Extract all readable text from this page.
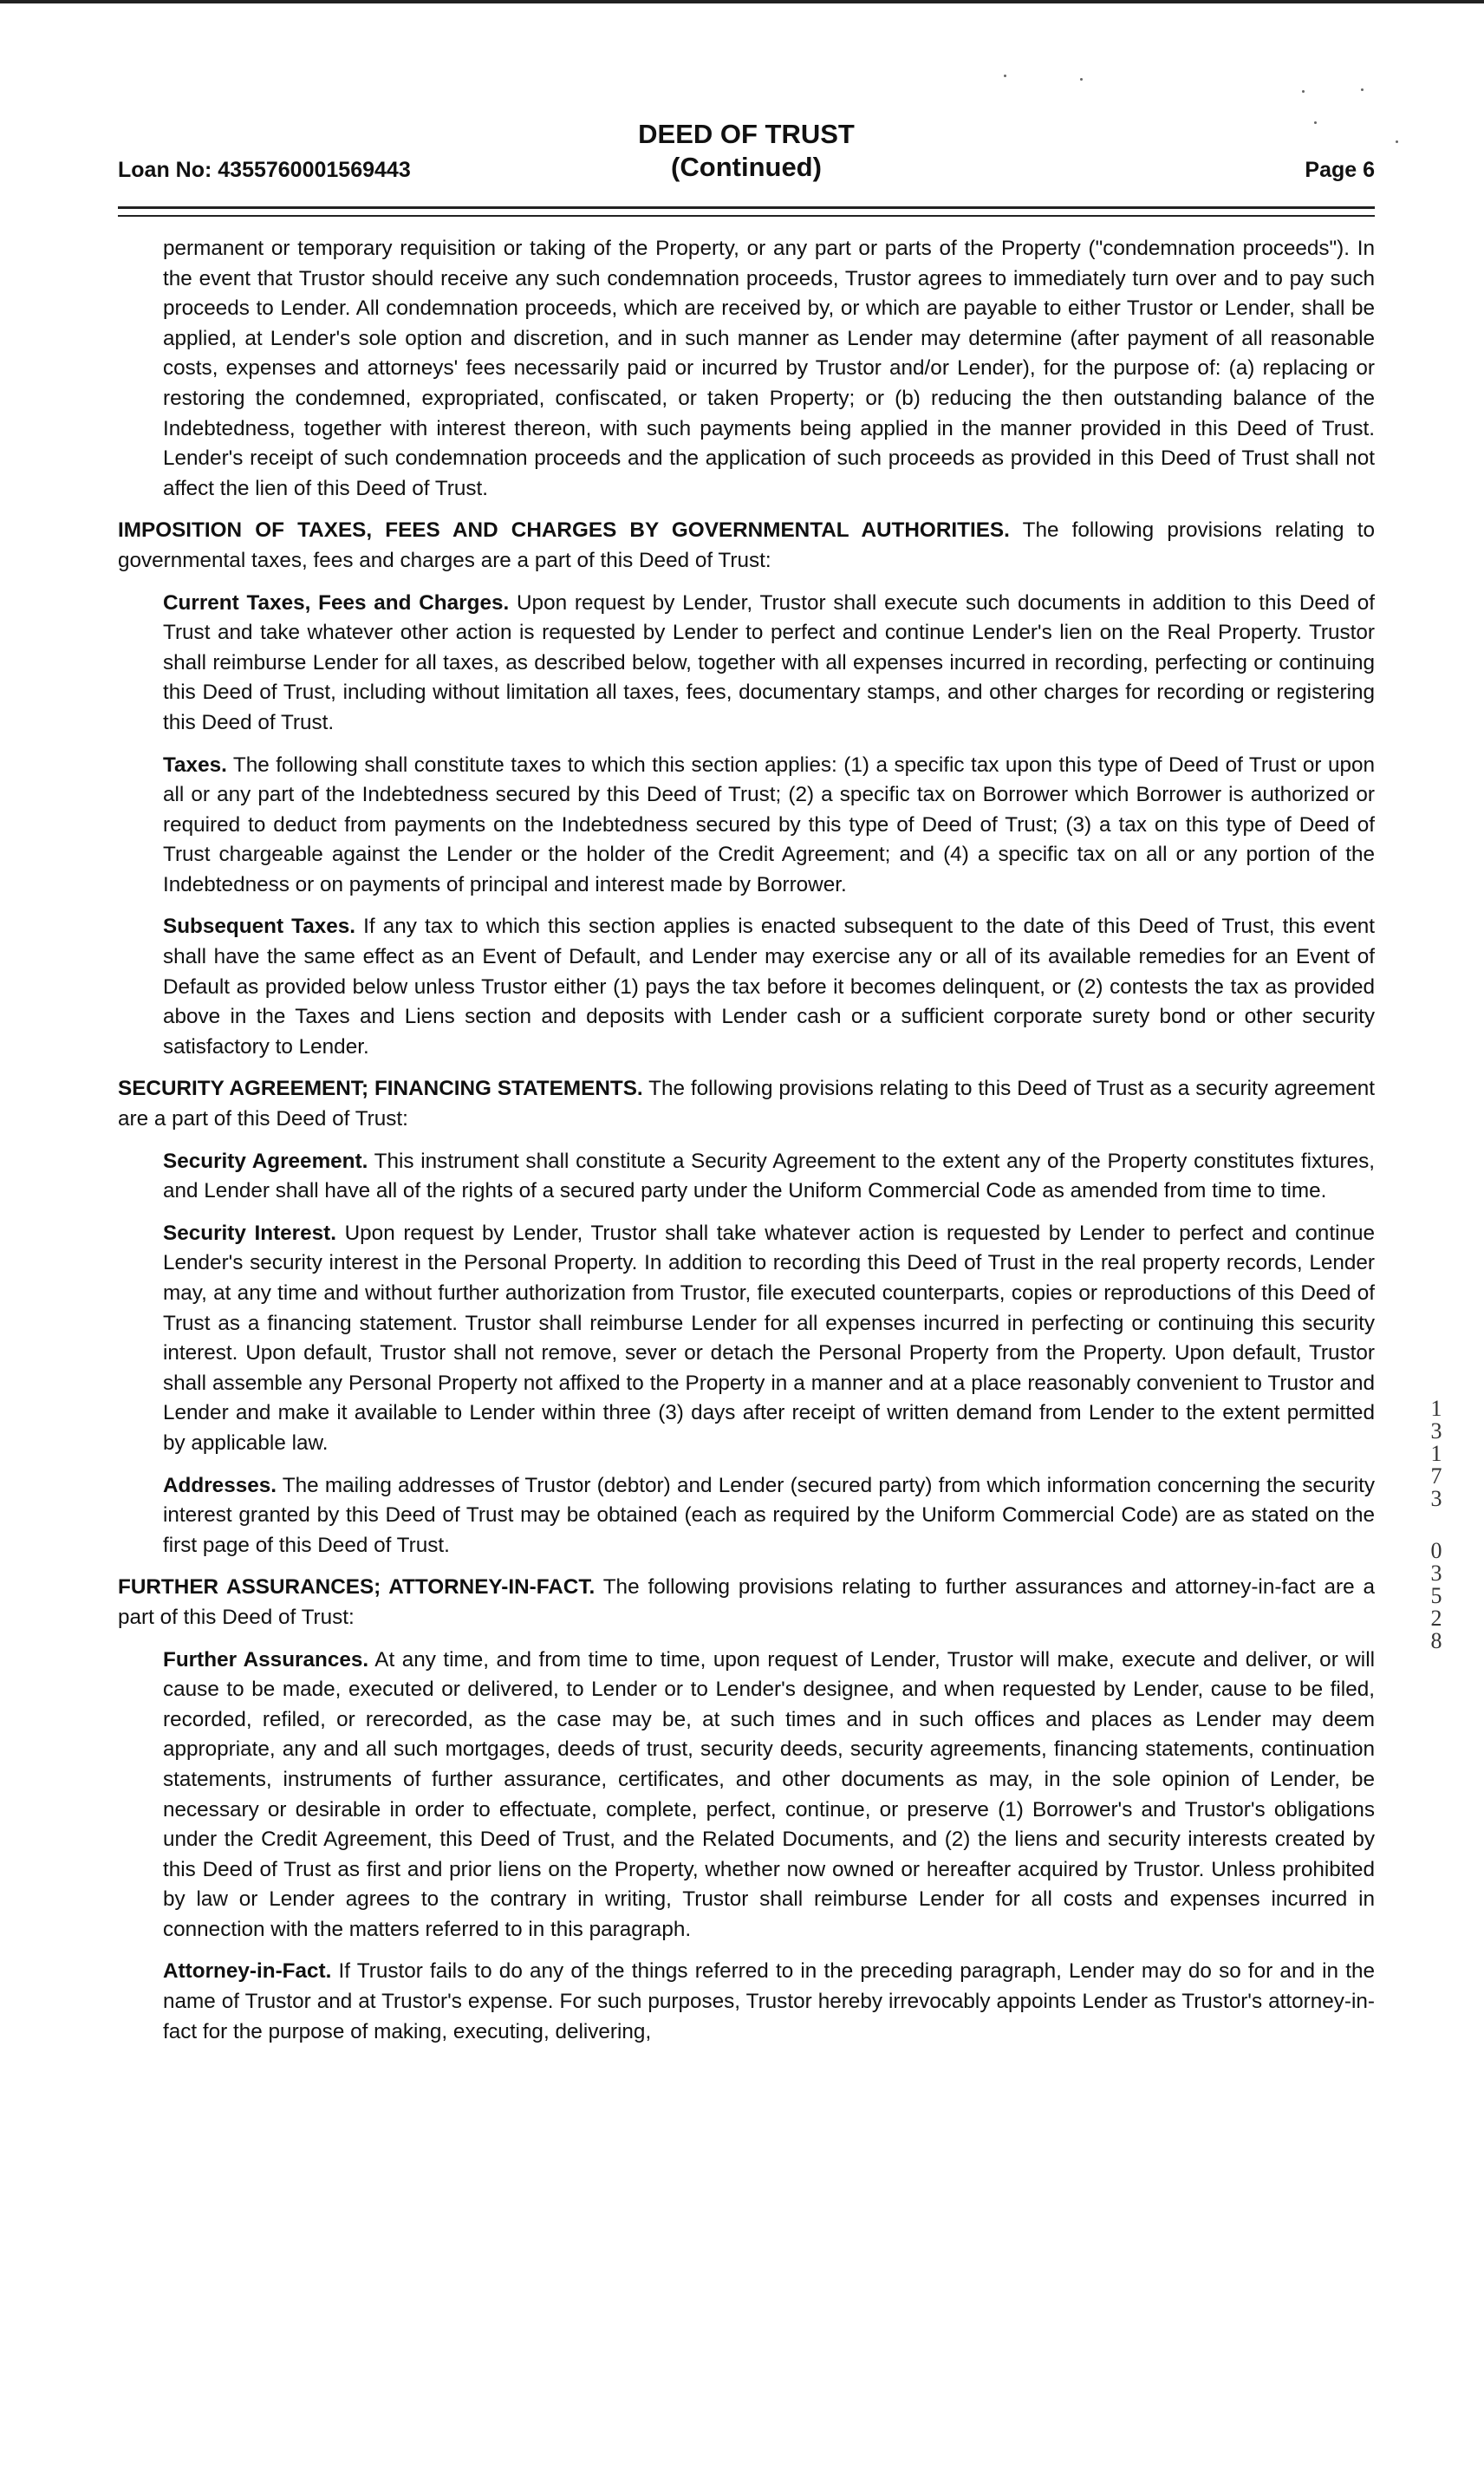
Loan No: 4355760001569443
DEED OF TRUST
(Continued)	Page 6

permanent or temporary requisition or taking of the Property, or any part or parts of the Property ("condemnation proceeds"). In the event that Trustor should receive any such condemnation proceeds, Trustor agrees to immediately turn over and to pay such proceeds to Lender. All condemnation proceeds, which are received by, or which are payable to either Trustor or Lender, shall be applied, at Lender's sole option and discretion, and in such manner as Lender may determine (after payment of all reasonable costs, expenses and attorneys' fees necessarily paid or incurred by Trustor and/or Lender), for the purpose of: (a) replacing or restoring the condemned, expropriated, confiscated, or taken Property; or (b) reducing the then outstanding balance of the Indebtedness, together with interest thereon, with such payments being applied in the manner provided in this Deed of Trust. Lender's receipt of such condemnation proceeds and the application of such proceeds as provided in this Deed of Trust shall not affect the lien of this Deed of Trust.

IMPOSITION OF TAXES, FEES AND CHARGES BY GOVERNMENTAL AUTHORITIES. The following provisions relating to governmental taxes, fees and charges are a part of this Deed of Trust:

Current Taxes, Fees and Charges. Upon request by Lender, Trustor shall execute such documents in addition to this Deed of Trust and take whatever other action is requested by Lender to perfect and continue Lender's lien on the Real Property. Trustor shall reimburse Lender for all taxes, as described below, together with all expenses incurred in recording, perfecting or continuing this Deed of Trust, including without limitation all taxes, fees, documentary stamps, and other charges for recording or registering this Deed of Trust.

Taxes. The following shall constitute taxes to which this section applies: (1) a specific tax upon this type of Deed of Trust or upon all or any part of the Indebtedness secured by this Deed of Trust; (2) a specific tax on Borrower which Borrower is authorized or required to deduct from payments on the Indebtedness secured by this type of Deed of Trust; (3) a tax on this type of Deed of Trust chargeable against the Lender or the holder of the Credit Agreement; and (4) a specific tax on all or any portion of the Indebtedness or on payments of principal and interest made by Borrower.

Subsequent Taxes. If any tax to which this section applies is enacted subsequent to the date of this Deed of Trust, this event shall have the same effect as an Event of Default, and Lender may exercise any or all of its available remedies for an Event of Default as provided below unless Trustor either (1) pays the tax before it becomes delinquent, or (2) contests the tax as provided above in the Taxes and Liens section and deposits with Lender cash or a sufficient corporate surety bond or other security satisfactory to Lender.

SECURITY AGREEMENT; FINANCING STATEMENTS. The following provisions relating to this Deed of Trust as a security agreement are a part of this Deed of Trust:

Security Agreement. This instrument shall constitute a Security Agreement to the extent any of the Property constitutes fixtures, and Lender shall have all of the rights of a secured party under the Uniform Commercial Code as amended from time to time.

Security Interest. Upon request by Lender, Trustor shall take whatever action is requested by Lender to perfect and continue Lender's security interest in the Personal Property. In addition to recording this Deed of Trust in the real property records, Lender may, at any time and without further authorization from Trustor, file executed counterparts, copies or reproductions of this Deed of Trust as a financing statement. Trustor shall reimburse Lender for all expenses incurred in perfecting or continuing this security interest. Upon default, Trustor shall not remove, sever or detach the Personal Property from the Property. Upon default, Trustor shall assemble any Personal Property not affixed to the Property in a manner and at a place reasonably convenient to Trustor and Lender and make it available to Lender within three (3) days after receipt of written demand from Lender to the extent permitted by applicable law.

Addresses. The mailing addresses of Trustor (debtor) and Lender (secured party) from which information concerning the security interest granted by this Deed of Trust may be obtained (each as required by the Uniform Commercial Code) are as stated on the first page of this Deed of Trust.

FURTHER ASSURANCES; ATTORNEY-IN-FACT. The following provisions relating to further assurances and attorney-in-fact are a part of this Deed of Trust:

Further Assurances. At any time, and from time to time, upon request of Lender, Trustor will make, execute and deliver, or will cause to be made, executed or delivered, to Lender or to Lender's designee, and when requested by Lender, cause to be filed, recorded, refiled, or rerecorded, as the case may be, at such times and in such offices and places as Lender may deem appropriate, any and all such mortgages, deeds of trust, security deeds, security agreements, financing statements, continuation statements, instruments of further assurance, certificates, and other documents as may, in the sole opinion of Lender, be necessary or desirable in order to effectuate, complete, perfect, continue, or preserve (1) Borrower's and Trustor's obligations under the Credit Agreement, this Deed of Trust, and the Related Documents, and (2) the liens and security interests created by this Deed of Trust as first and prior liens on the Property, whether now owned or hereafter acquired by Trustor. Unless prohibited by law or Lender agrees to the contrary in writing, Trustor shall reimburse Lender for all costs and expenses incurred in connection with the matters referred to in this paragraph.

Attorney-in-Fact. If Trustor fails to do any of the things referred to in the preceding paragraph, Lender may do so for and in the name of Trustor and at Trustor's expense. For such purposes, Trustor hereby irrevocably appoints Lender as Trustor's attorney-in-fact for the purpose of making, executing, delivering,

1
3
1
7
3
0
3
5
2
8
